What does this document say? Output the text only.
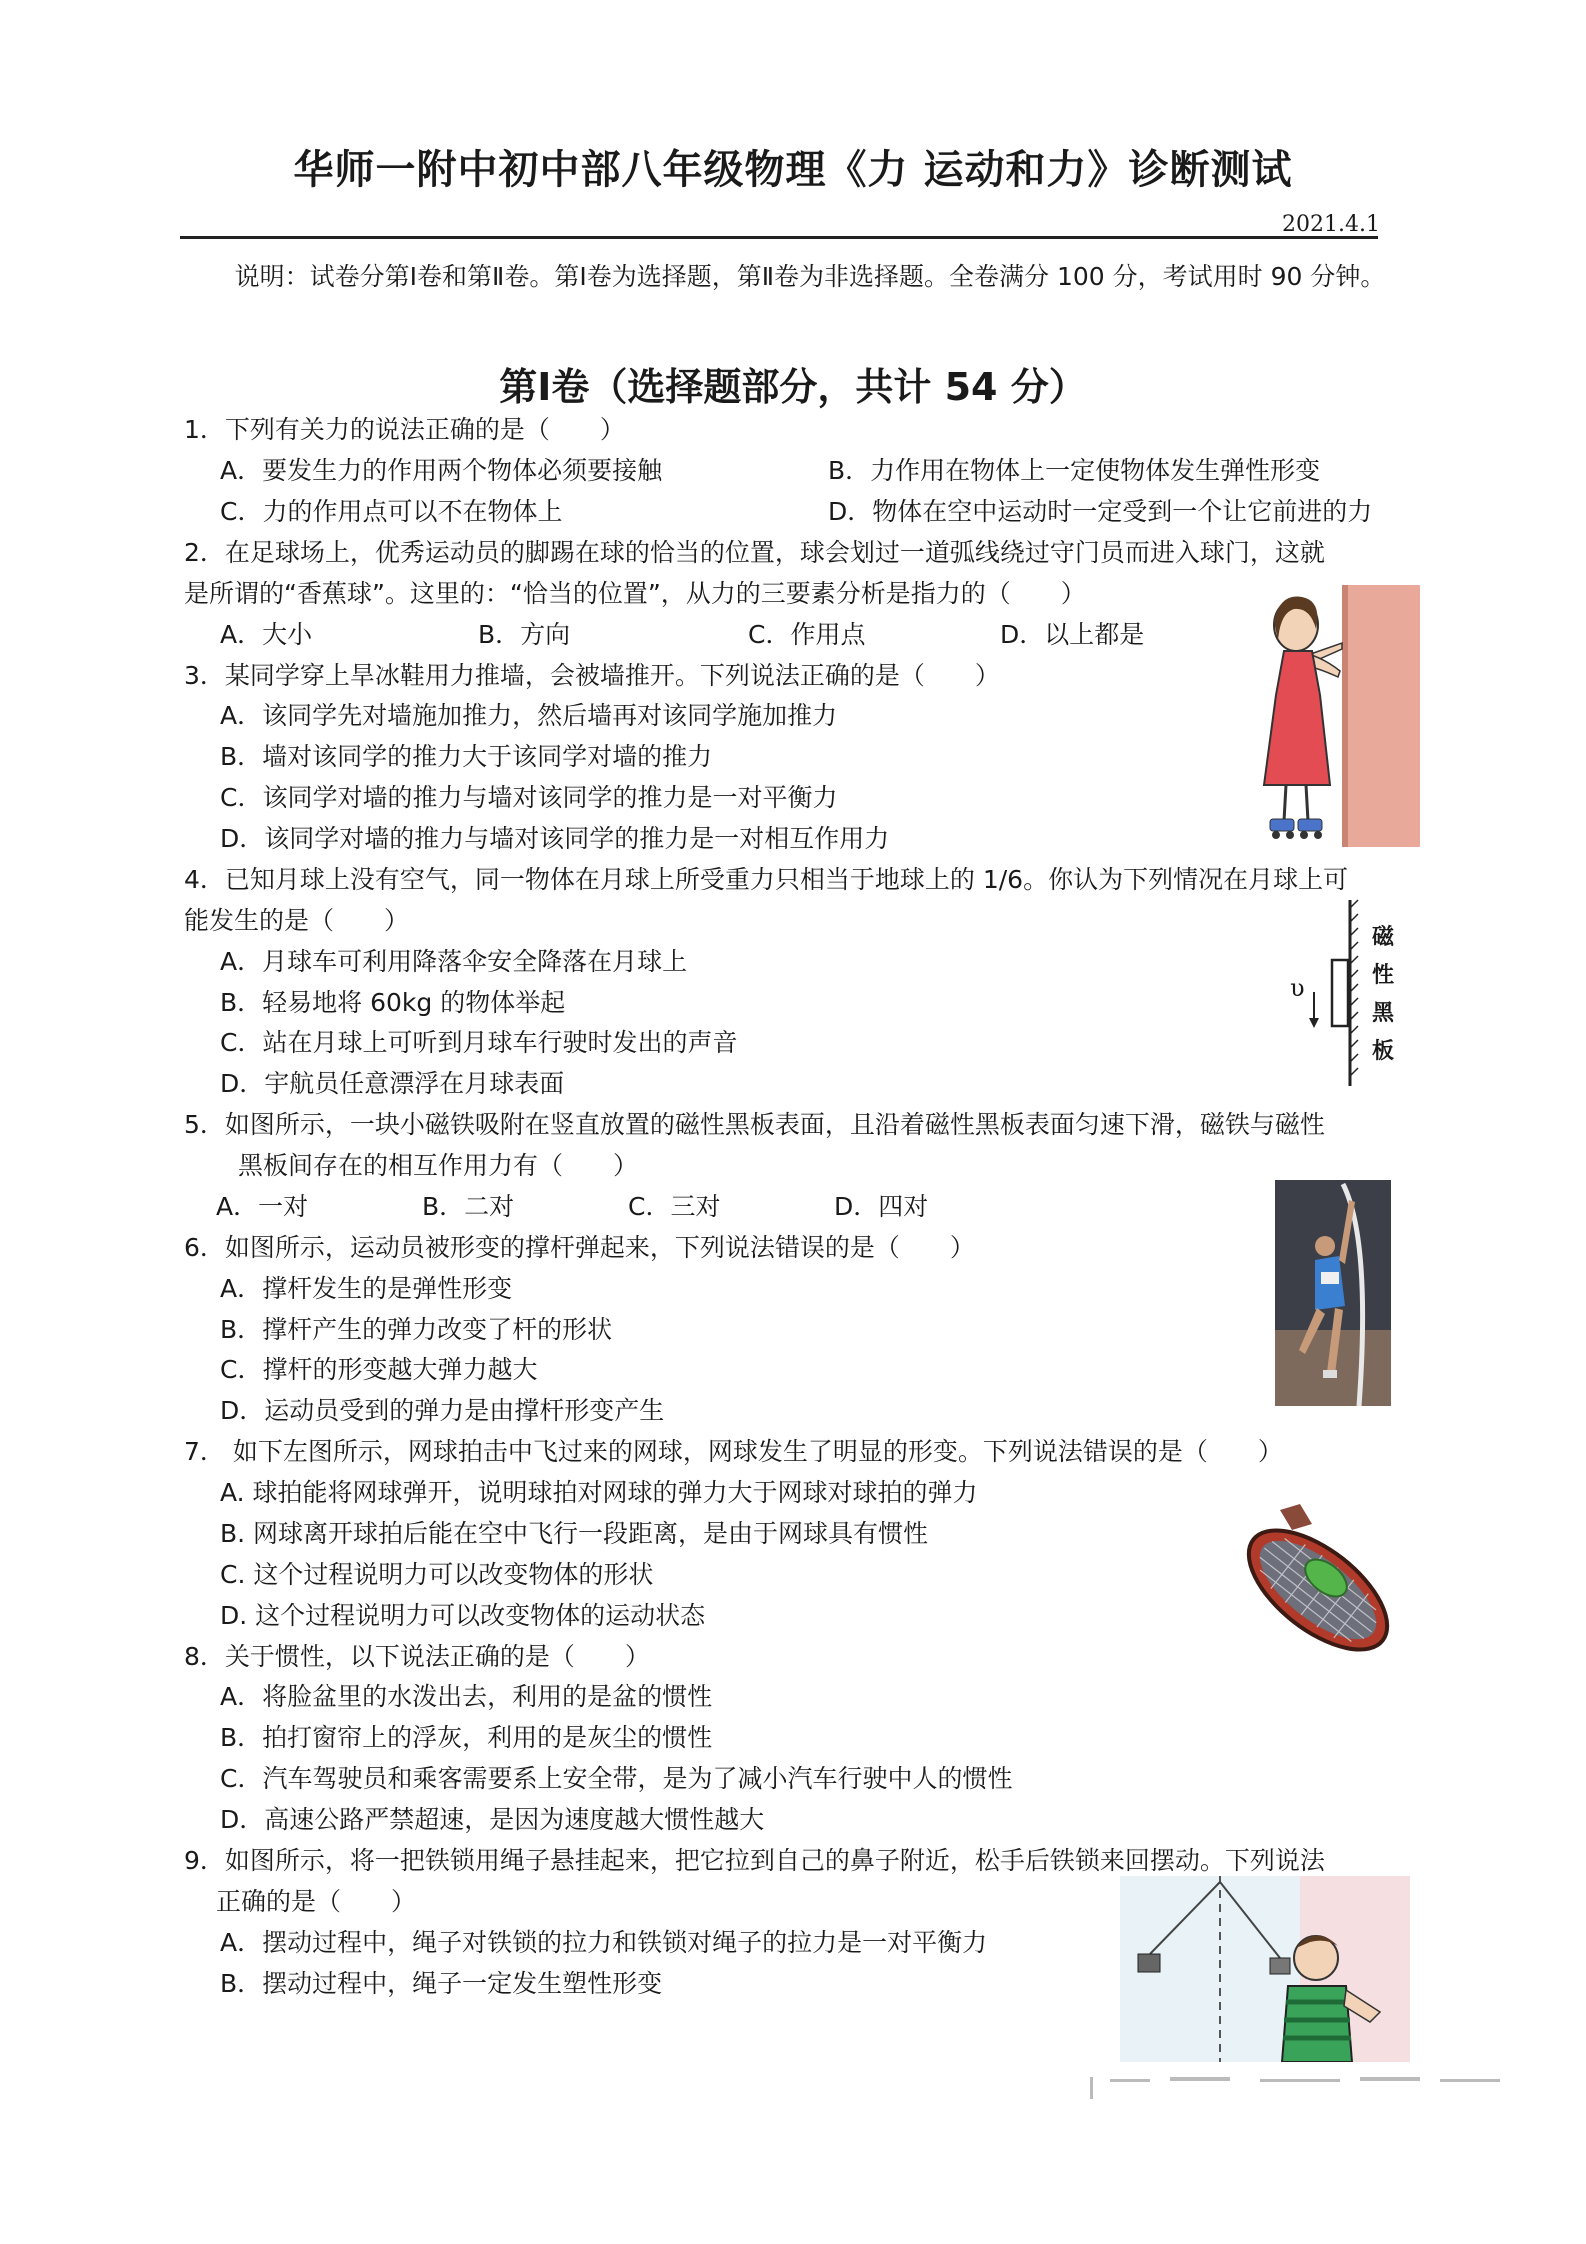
华师一附中初中部八年级物理《力 运动和力》诊断测试
2021.4.1
说明：试卷分第Ⅰ卷和第Ⅱ卷。第Ⅰ卷为选择题，第Ⅱ卷为非选择题。全卷满分 100 分，考试用时 90 分钟。
第Ⅰ卷（选择题部分，共计 54 分）
1．下列有关力的说法正确的是（　　）
A．要发生力的作用两个物体必须要接触	B．力作用在物体上一定使物体发生弹性形变
C．力的作用点可以不在物体上	D．物体在空中运动时一定受到一个让它前进的力
2．在足球场上，优秀运动员的脚踢在球的恰当的位置，球会划过一道弧线绕过守门员而进入球门，这就
是所谓的“香蕉球”。这里的：“恰当的位置”，从力的三要素分析是指力的（　　）
A．大小	B．方向	C．作用点	D．以上都是
3．某同学穿上旱冰鞋用力推墙，会被墙推开。下列说法正确的是（　　）
A．该同学先对墙施加推力，然后墙再对该同学施加推力
B．墙对该同学的推力大于该同学对墙的推力
C．该同学对墙的推力与墙对该同学的推力是一对平衡力
D．该同学对墙的推力与墙对该同学的推力是一对相互作用力
4．已知月球上没有空气，同一物体在月球上所受重力只相当于地球上的 1/6。你认为下列情况在月球上可
能发生的是（　　）
A．月球车可利用降落伞安全降落在月球上
B．轻易地将 60kg 的物体举起
C．站在月球上可听到月球车行驶时发出的声音
D．宇航员任意漂浮在月球表面
5．如图所示，一块小磁铁吸附在竖直放置的磁性黑板表面，且沿着磁性黑板表面匀速下滑，磁铁与磁性
黑板间存在的相互作用力有（　　）
A．一对	B．二对	C．三对	D．四对
6．如图所示，运动员被形变的撑杆弹起来，下列说法错误的是（　　）
A．撑杆发生的是弹性形变
B．撑杆产生的弹力改变了杆的形状
C．撑杆的形变越大弹力越大
D．运动员受到的弹力是由撑杆形变产生
7． 如下左图所示，网球拍击中飞过来的网球，网球发生了明显的形变。下列说法错误的是（　　）
A. 球拍能将网球弹开，说明球拍对网球的弹力大于网球对球拍的弹力
B. 网球离开球拍后能在空中飞行一段距离，是由于网球具有惯性
C. 这个过程说明力可以改变物体的形状
D. 这个过程说明力可以改变物体的运动状态
8．关于惯性，以下说法正确的是（　　）
A．将脸盆里的水泼出去，利用的是盆的惯性
B．拍打窗帘上的浮灰，利用的是灰尘的惯性
C．汽车驾驶员和乘客需要系上安全带，是为了减小汽车行驶中人的惯性
D．高速公路严禁超速，是因为速度越大惯性越大
9．如图所示，将一把铁锁用绳子悬挂起来，把它拉到自己的鼻子附近，松手后铁锁来回摆动。下列说法
正确的是（　　）
A．摆动过程中，绳子对铁锁的拉力和铁锁对绳子的拉力是一对平衡力
B．摆动过程中，绳子一定发生塑性形变
υ
磁
性
黑
板
